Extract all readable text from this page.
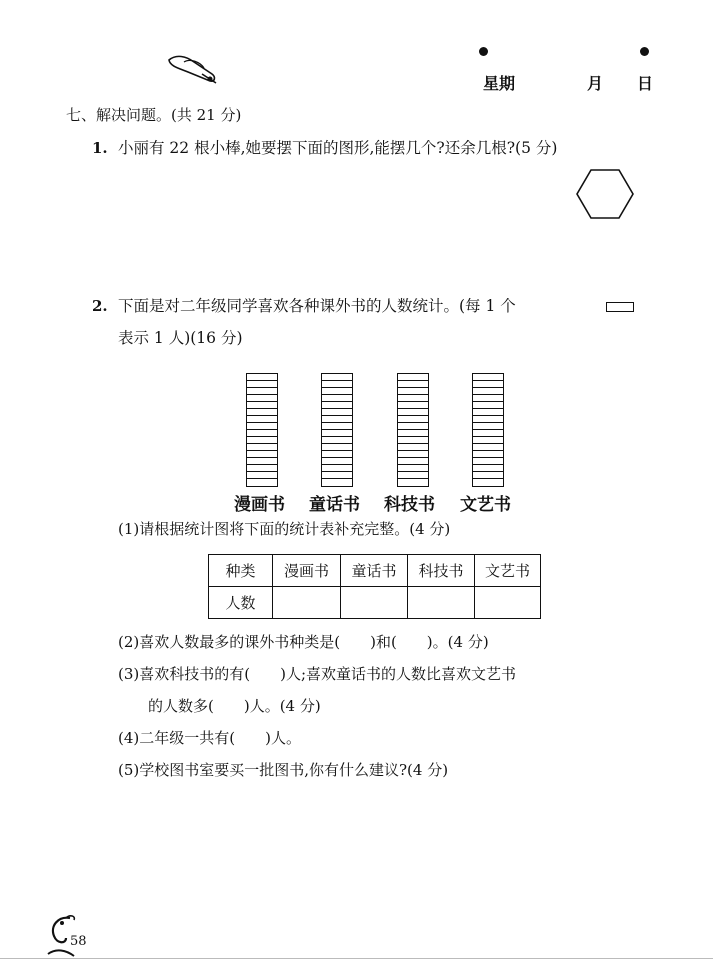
星期	月 日
七、解决问题。(共 21 分)
1. 小丽有 22 根小棒,她要摆下面的图形,能摆几个?还余几根?(5 分)
2. 下面是对二年级同学喜欢各种课外书的人数统计。(每 1 个
表示 1 人)(16 分)
漫画书 童话书 科技书 文艺书
(1)请根据统计图将下面的统计表补充完整。(4 分)
种类	漫画书	童话书	科技书	文艺书
人数				
(2)喜欢人数最多的课外书种类是(　　)和(　　)。(4 分)
(3)喜欢科技书的有(　　)人;喜欢童话书的人数比喜欢文艺书
的人数多(　　)人。(4 分)
(4)二年级一共有(　　)人。
(5)学校图书室要买一批图书,你有什么建议?(4 分)
58
